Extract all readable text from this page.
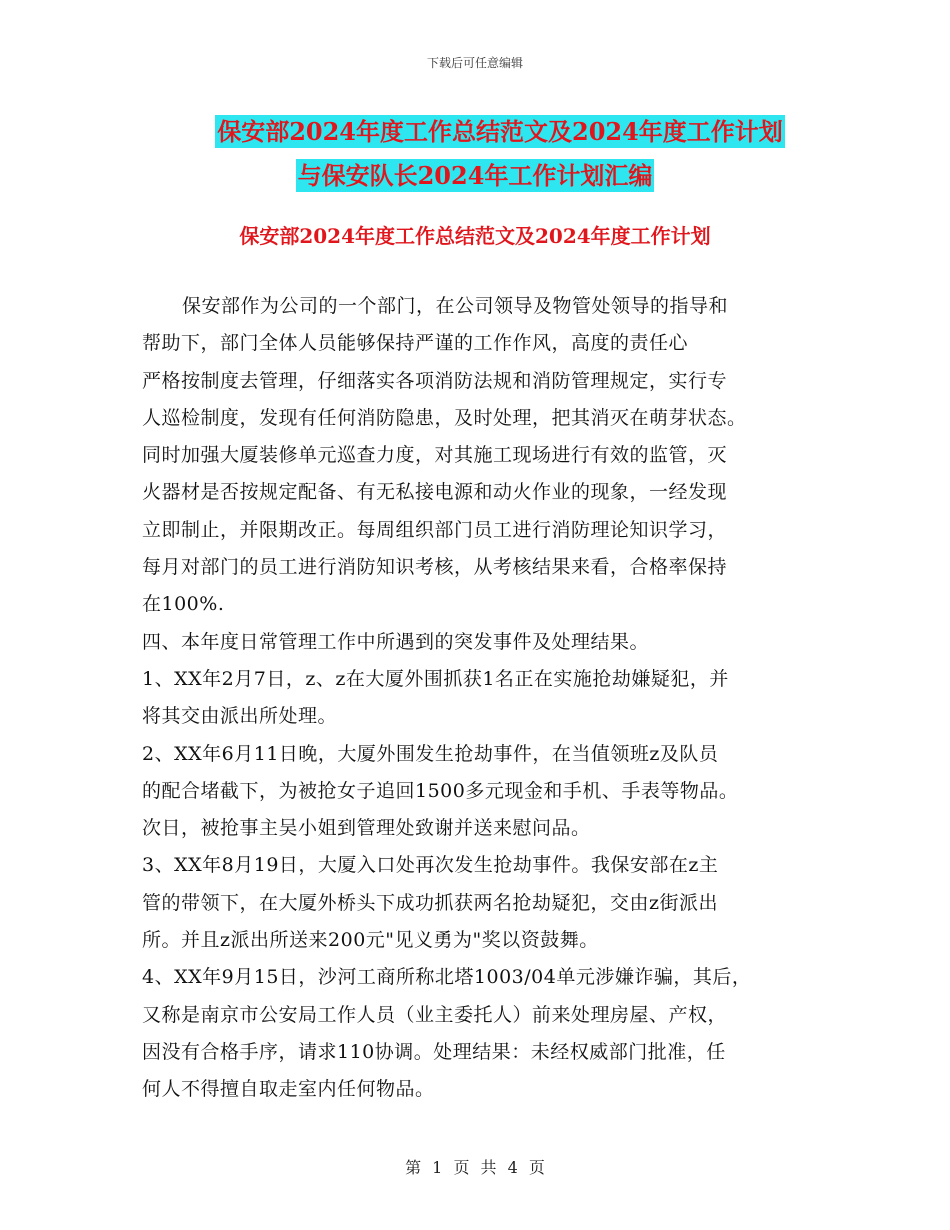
下载后可任意编辑
保安部2024年度工作总结范文及2024年度工作计划
与保安队长2024年工作计划汇编
保安部2024年度工作总结范文及2024年度工作计划

保安部作为公司的一个部门，在公司领导及物管处领导的指导和

帮助下，部门全体人员能够保持严谨的工作作风，高度的责任心

严格按制度去管理，仔细落实各项消防法规和消防管理规定，实行专

人巡检制度，发现有任何消防隐患，及时处理，把其消灭在萌芽状态。

同时加强大厦装修单元巡查力度，对其施工现场进行有效的监管，灭

火器材是否按规定配备、有无私接电源和动火作业的现象，一经发现

立即制止，并限期改正。每周组织部门员工进行消防理论知识学习，

每月对部门的员工进行消防知识考核，从考核结果来看，合格率保持

在100%.

四、本年度日常管理工作中所遇到的突发事件及处理结果。

1、XX年2月7日，z、z在大厦外围抓获1名正在实施抢劫嫌疑犯，并

将其交由派出所处理。

2、XX年6月11日晚，大厦外围发生抢劫事件，在当值领班z及队员

的配合堵截下，为被抢女子追回1500多元现金和手机、手表等物品。

次日，被抢事主吴小姐到管理处致谢并送来慰问品。

3、XX年8月19日，大厦入口处再次发生抢劫事件。我保安部在z主

管的带领下，在大厦外桥头下成功抓获两名抢劫疑犯，交由z街派出

所。并且z派出所送来200元"见义勇为"奖以资鼓舞。

4、XX年9月15日，沙河工商所称北塔1003/04单元涉嫌诈骗，其后，

又称是南京市公安局工作人员（业主委托人）前来处理房屋、产权，

因没有合格手序，请求110协调。处理结果：未经权威部门批准，任

何人不得擅自取走室内任何物品。

第 1 页 共 4 页
